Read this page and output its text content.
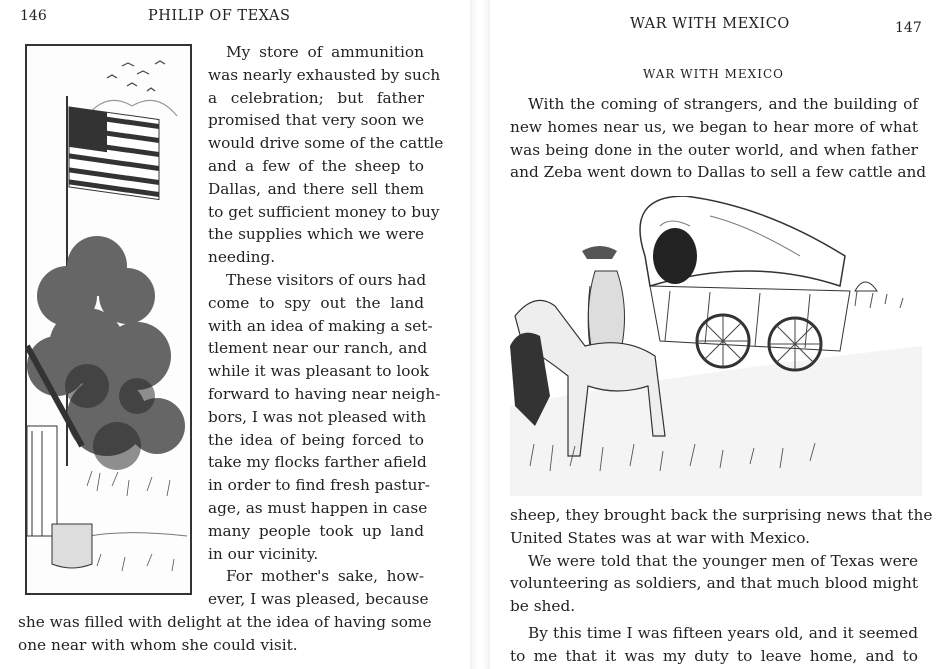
146	PHILIP OF TEXAS
My store of ammunition
was nearly exhausted by such
a celebration; but father
promised that very soon we
would drive some of the cattle
and a few of the sheep to
Dallas, and there sell them
to get sufficient money to buy
the supplies which we were
needing.
These visitors of ours had
come to spy out the land
with an idea of making a set-
tlement near our ranch, and
while it was pleasant to look
forward to having near neigh-
bors, I was not pleased with
the idea of being forced to
take my flocks farther afield
in order to find fresh pastur-
age, as must happen in case
many people took up land
in our vicinity.
For mother's sake, how-
ever, I was pleased, because
she was filled with delight at the idea of having some
one near with whom she could visit.
WAR WITH MEXICO	147
WAR WITH MEXICO
With the coming of strangers, and the building of
new homes near us, we began to hear more of what
was being done in the outer world, and when father
and Zeba went down to Dallas to sell a few cattle and
sheep, they brought back the surprising news that the
United States was at war with Mexico.
We were told that the younger men of Texas were
volunteering as soldiers, and that much blood might
be shed.
By this time I was fifteen years old, and it seemed
to me that it was my duty to leave home, and to
